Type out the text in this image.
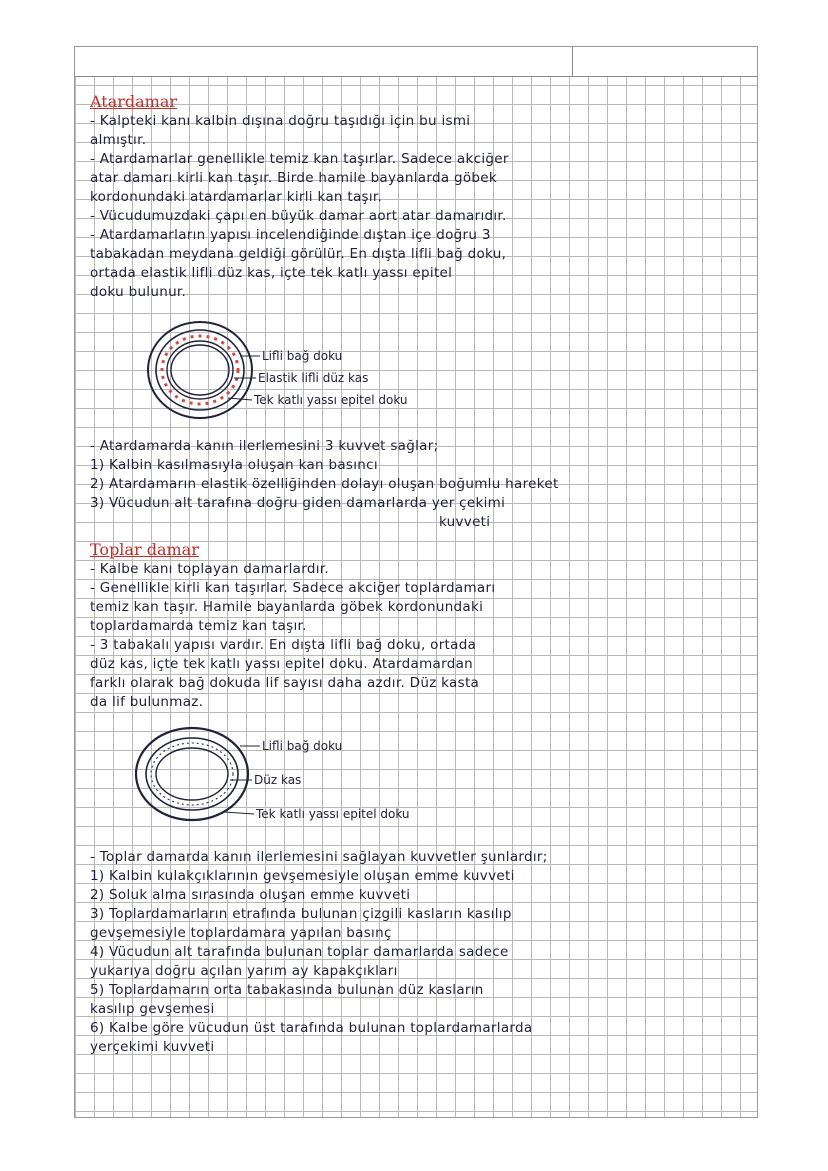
Atardamar
- Kalpteki kanı kalbin dışına doğru taşıdığı için bu ismi
almıştır.
- Atardamarlar genellikle temiz kan taşırlar. Sadece akciğer
atar damarı kirli kan taşır. Birde hamile bayanlarda göbek
kordonundaki atardamarlar kirli kan taşır.
- Vücudumuzdaki çapı en büyük damar aort atar damarıdır.
- Atardamarların yapısı incelendiğinde dıştan içe doğru 3
tabakadan meydana geldiği görülür. En dışta lifli bağ doku,
ortada elastik lifli düz kas, içte tek katlı yassı epitel
doku bulunur.
Lifli bağ doku
Elastik lifli düz kas
Tek katlı yassı epitel doku
- Atardamarda kanın ilerlemesini 3 kuvvet sağlar;
1) Kalbin kasılmasıyla oluşan kan basıncı
2) Atardamarın elastik özelliğinden dolayı oluşan boğumlu hareket
3) Vücudun alt tarafına doğru giden damarlarda yer çekimi
kuvveti
Toplar damar
- Kalbe kanı toplayan damarlardır.
- Genellikle kirli kan taşırlar. Sadece akciğer toplardamarı
temiz kan taşır. Hamile bayanlarda göbek kordonundaki
toplardamarda temiz kan taşır.
- 3 tabakalı yapısı vardır. En dışta lifli bağ doku, ortada
düz kas, içte tek katlı yassı epitel doku. Atardamardan
farklı olarak bağ dokuda lif sayısı daha azdır. Düz kasta
da lif bulunmaz.
Lifli bağ doku
Düz kas
Tek katlı yassı epitel doku
- Toplar damarda kanın ilerlemesini sağlayan kuvvetler şunlardır;
1) Kalbin kulakçıklarının gevşemesiyle oluşan emme kuvveti
2) Soluk alma sırasında oluşan emme kuvveti
3) Toplardamarların etrafında bulunan çizgili kasların kasılıp
gevşemesiyle toplardamara yapılan basınç
4) Vücudun alt tarafında bulunan toplar damarlarda sadece
yukarıya doğru açılan yarım ay kapakçıkları
5) Toplardamarın orta tabakasında bulunan düz kasların
kasılıp gevşemesi
6) Kalbe göre vücudun üst tarafında bulunan toplardamarlarda
yerçekimi kuvveti
